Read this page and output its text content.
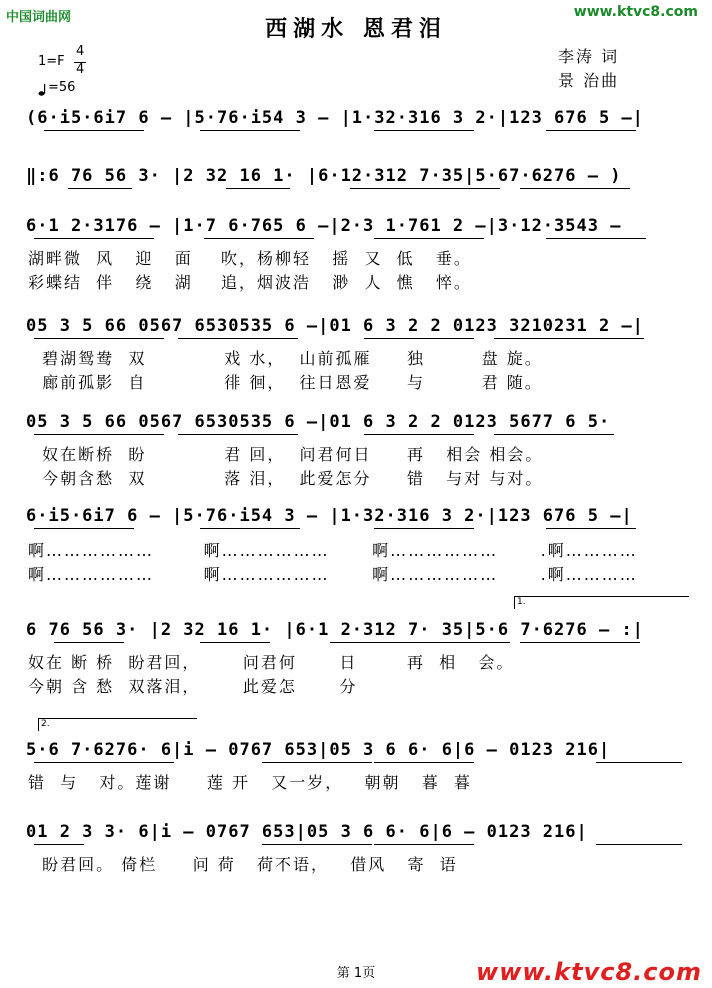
中国词曲网	www.ktvc8.com
西湖水 恩君泪
李涛 词
景 治曲
1=F
4
4
=56
(6·i5·6i7 6 – |5·76·i54 3 – |1·32·316 3 2·|123 676 5 –|
‖:6 76 56 3· |2 32 16 1· |6·12·312 7·35|5·67·6276 – )
6·1 2·3176 – |1·7 6·765 6 –|2·3 1·761 2 –|3·12·3543 –
湖畔微  风   迎   面    吹，杨柳轻   摇  又  低   垂。
彩蝶结  伴   绕   湖    追，烟波浩   渺  人  憔   悴。
05 3 5 66 0567 6530535 6 –|01 6 3 2 2 0123 3210231 2 –|
碧湖鸳鸯  双           戏 水，  山前孤雁     独        盘 旋。
廊前孤影  自           徘 徊，  往日恩爱     与        君 随。
05 3 5 66 0567 6530535 6 –|01 6 3 2 2 0123 5677 6 5·
奴在断桥  盼           君 回，  问君何日     再   相会 相会。
今朝含愁  双           落 泪，  此爱怎分     错   与对 与对。
6·i5·6i7 6 – |5·76·i54 3 – |1·32·316 3 2·|123 676 5 –|
啊………………       啊………………      啊………………      .啊…………
啊………………       啊………………      啊………………      .啊…………
1.
6 76 56 3· |2 32 16 1· |6·1 2·312 7· 35|5·6 7·6276 – :|
奴在 断 桥  盼君回，      问君何      日       再  相   会。
今朝 含 愁  双落泪，      此爱怎      分
2.
5·6 7·6276· 6|i – 0767 653|05 3 6 6· 6|6 – 0123 216|
错  与   对。莲谢     莲 开   又一岁，   朝朝   暮  暮
01 2 3 3· 6|i – 0767 653|05 3 6 6· 6|6 – 0123 216|
盼君回。 倚栏     问 荷   荷不语，   借风   寄  语
第 1页	www.ktvc8.com
